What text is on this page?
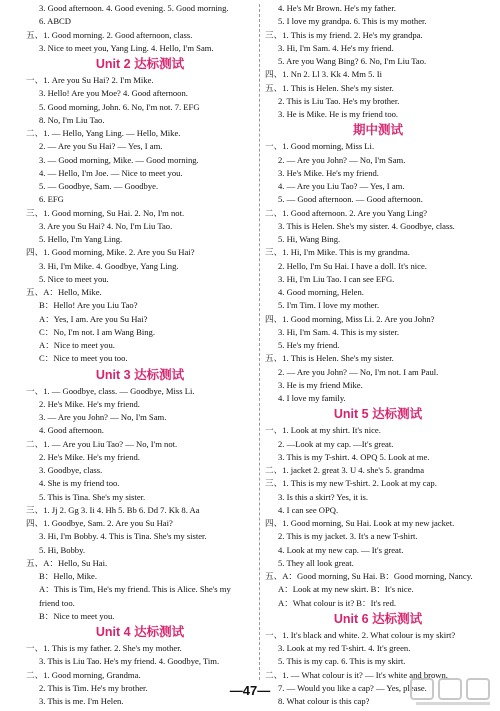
3. Good afternoon. 4. Good evening. 5. Good morning.
6. ABCD
五、1. Good morning. 2. Good afternoon, class.
3. Nice to meet you, Yang Ling. 4. Hello, I'm Sam.
Unit 2 达标测试
一、1. Are you Su Hai? 2. I'm Mike.
3. Hello! Are you Moe? 4. Good afternoon.
5. Good morning, John. 6. No, I'm not. 7. EFG
8. No, I'm Liu Tao.
二、1. — Hello, Yang Ling. — Hello, Mike.
2. — Are you Su Hai? — Yes, I am.
3. — Good morning, Mike. — Good morning.
4. — Hello, I'm Joe. — Nice to meet you.
5. — Goodbye, Sam. — Goodbye.
6. EFG
三、1. Good morning, Su Hai. 2. No, I'm not.
3. Are you Su Hai? 4. No, I'm Liu Tao.
5. Hello, I'm Yang Ling.
四、1. Good morning, Mike. 2. Are you Su Hai?
3. Hi, I'm Mike. 4. Goodbye, Yang Ling.
5. Nice to meet you.
五、A：Hello, Mike.
B：Hello! Are you Liu Tao?
A：Yes, I am. Are you Su Hai?
C：No, I'm not. I am Wang Bing.
A：Nice to meet you.
C：Nice to meet you too.
Unit 3 达标测试
一、1. — Goodbye, class. — Goodbye, Miss Li.
2. He's Mike. He's my friend.
3. — Are you John? — No, I'm Sam.
4. Good afternoon.
二、1. — Are you Liu Tao? — No, I'm not.
2. He's Mike. He's my friend.
3. Goodbye, class.
4. She is my friend too.
5. This is Tina. She's my sister.
三、1. Jj 2. Gg 3. Ii 4. Hh 5. Bb 6. Dd 7. Kk 8. Aa
四、1. Goodbye, Sam. 2. Are you Su Hai?
3. Hi, I'm Bobby. 4. This is Tina. She's my sister.
5. Hi, Bobby.
五、A：Hello, Su Hai.
B：Hello, Mike.
A：This is Tim, He's my friend. This is Alice. She's my
friend too.
B：Nice to meet you.
Unit 4 达标测试
一、1. This is my father. 2. She's my mother.
3. This is Liu Tao. He's my friend. 4. Goodbye, Tim.
二、1. Good morning, Grandma.
2. This is Tim. He's my brother.
3. This is me. I'm Helen.
4. He's Mr Brown. He's my father.
5. I love my grandpa. 6. This is my mother.
三、1. This is my friend. 2. He's my grandpa.
3. Hi, I'm Sam. 4. He's my friend.
5. Are you Wang Bing? 6. No, I'm Liu Tao.
四、1. Nn 2. Ll 3. Kk 4. Mm 5. Ii
五、1. This is Helen. She's my sister.
2. This is Liu Tao. He's my brother.
3. He is Mike. He is my friend too.
期中测试
一、1. Good morning, Miss Li.
2. — Are you John? — No, I'm Sam.
3. He's Mike. He's my friend.
4. — Are you Liu Tao? — Yes, I am.
5. — Good afternoon. — Good afternoon.
二、1. Good afternoon. 2. Are you Yang Ling?
3. This is Helen. She's my sister. 4. Goodbye, class.
5. Hi, Wang Bing.
三、1. Hi, I'm Mike. This is my grandma.
2. Hello, I'm Su Hai. I have a doll. It's nice.
3. Hi, I'm Liu Tao. I can see EFG.
4. Good morning, Helen.
5. I'm Tim. I love my mother.
四、1. Good morning, Miss Li. 2. Are you John?
3. Hi, I'm Sam. 4. This is my sister.
5. He's my friend.
五、1. This is Helen. She's my sister.
2. — Are you John? — No, I'm not. I am Paul.
3. He is my friend Mike.
4. I love my family.
Unit 5 达标测试
一、1. Look at my shirt. It's nice.
2. —Look at my cap. —It's great.
3. This is my T-shirt. 4. OPQ 5. Look at me.
二、1. jacket 2. great 3. U 4. she's 5. grandma
三、1. This is my new T-shirt. 2. Look at my cap.
3. Is this a skirt? Yes, it is.
4. I can see OPQ.
四、1. Good morning, Su Hai. Look at my new jacket.
2. This is my jacket. 3. It's a new T-shirt.
4. Look at my new cap. — It's great.
5. They all look great.
五、A：Good morning, Su Hai. B：Good morning, Nancy.
A：Look at my new skirt. B：It's nice.
A：What colour is it? B：It's red.
Unit 6 达标测试
一、1. It's black and white. 2. What colour is my skirt?
3. Look at my red T-shirt. 4. It's green.
5. This is my cap. 6. This is my skirt.
二、1. — What colour is it? — It's white and brown.
7. — Would you like a cap? — Yes, please.
8. What colour is this cap?
—47—
